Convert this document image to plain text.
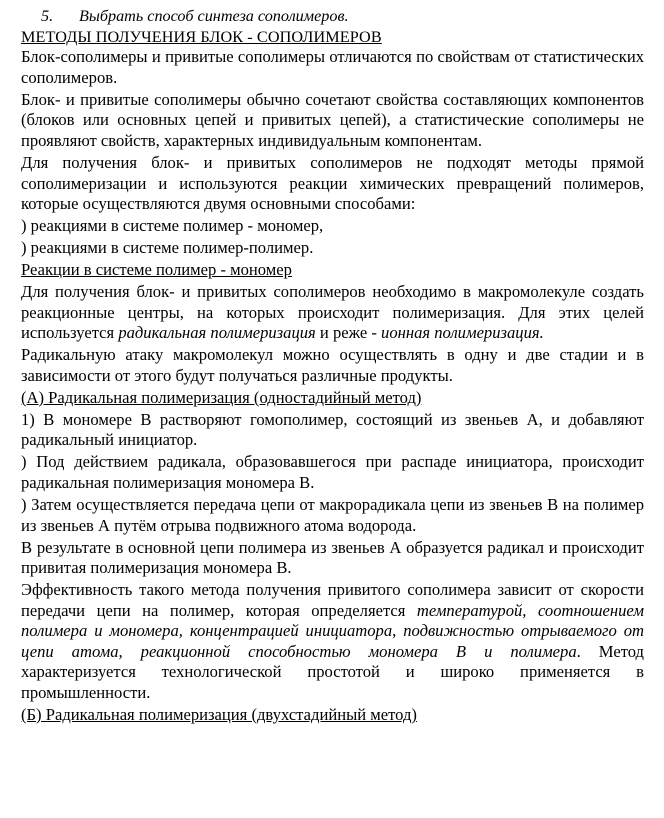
5. Выбрать способ синтеза сополимеров.

МЕТОДЫ ПОЛУЧЕНИЯ БЛОК - СОПОЛИМЕРОВ

Блок-сополимеры и привитые сополимеры отличаются по свойствам от статистических сополимеров.

Блок- и привитые сополимеры обычно сочетают свойства составляющих компонентов (блоков или основных цепей и привитых цепей), а статистические сополимеры не проявляют свойств, характерных индивидуальным компонентам.

Для получения блок- и привитых сополимеров не подходят методы прямой сополимеризации и используются реакции химических превращений полимеров, которые осуществляются двумя основными способами:

) реакциями в системе полимер - мономер,

) реакциями в системе полимер-полимер.

Реакции в системе полимер - мономер

Для получения блок- и привитых сополимеров необходимо в макромолекуле создать реакционные центры, на которых происходит полимеризация. Для этих целей используется радикальная полимеризация и реже - ионная полимеризация.

Радикальную атаку макромолекул можно осуществлять в одну и две стадии и в зависимости от этого будут получаться различные продукты.

(А) Радикальная полимеризация (одностадийный метод)

1) В мономере В растворяют гомополимер, состоящий из звеньев А, и добавляют радикальный инициатор.

) Под действием радикала, образовавшегося при распаде инициатора, происходит радикальная полимеризация мономера В.

) Затем осуществляется передача цепи от макрорадикала цепи из звеньев В на полимер из звеньев А путём отрыва подвижного атома водорода.

В результате в основной цепи полимера из звеньев А образуется радикал и происходит привитая полимеризация мономера В.

Эффективность такого метода получения привитого сополимера зависит от скорости передачи цепи на полимер, которая определяется температурой, соотношением полимера и мономера, концентрацией инициатора, подвижностью отрываемого от цепи атома, реакционной способностью мономера В и полимера. Метод характеризуется технологической простотой и широко применяется в промышленности.

(Б) Радикальная полимеризация (двухстадийный метод)
